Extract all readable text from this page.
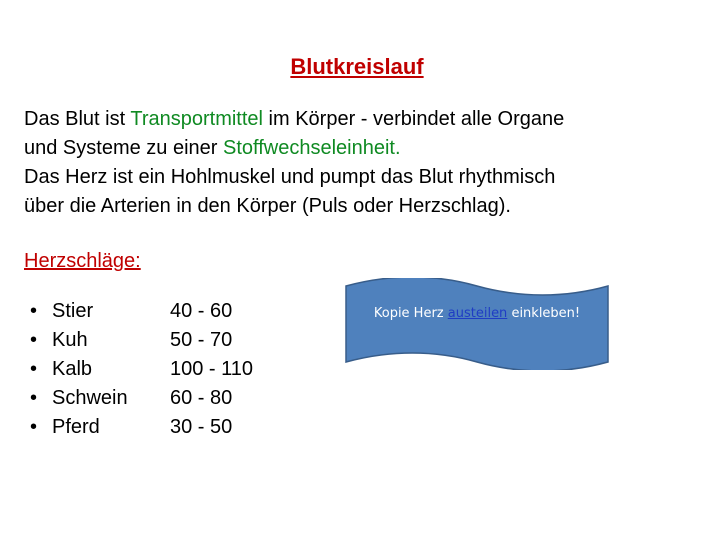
Blutkreislauf
Das Blut ist Transportmittel im Körper - verbindet alle Organe
und Systeme zu einer Stoffwechseleinheit.
Das Herz ist ein Hohlmuskel und pumpt das Blut rhythmisch
über die Arterien in den Körper (Puls oder Herzschlag).
Herzschläge:
• Stier
• Kuh
• Kalb
• Schwein
• Pferd
40 - 60
50 - 70
100 - 110
60 - 80
30 - 50
Kopie Herz austeilen einkleben!
